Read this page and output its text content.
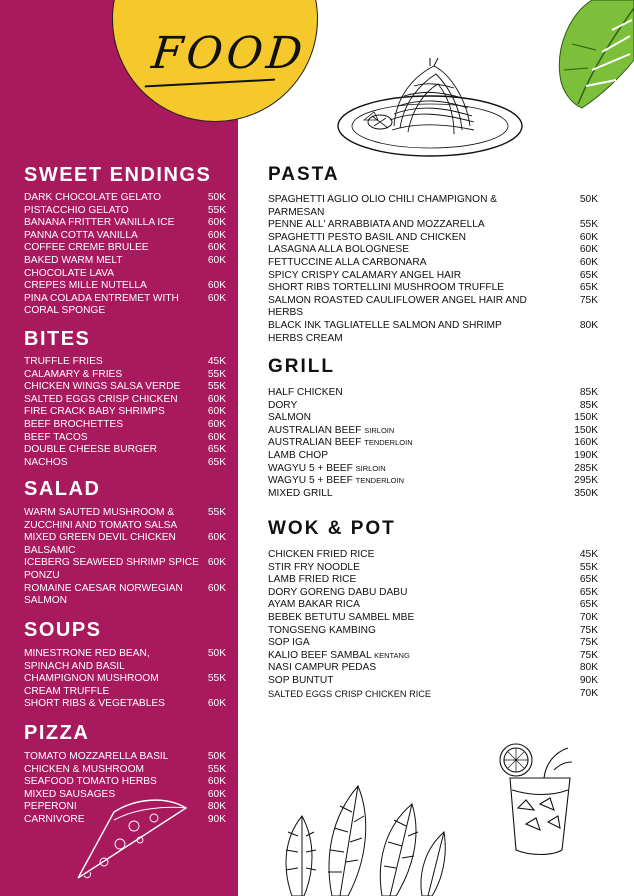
FOOD
SWEET ENDINGS
DARK CHOCOLATE GELATO	50K
PISTACCHIO GELATO	55K
BANANA FRITTER VANILLA ICE	60K
PANNA COTTA VANILLA	60K
COFFEE CREME BRULEE	60K
BAKED WARM MELT CHOCOLATE LAVA
60K
CREPES MILLE NUTELLA	60K
PINA COLADA ENTREMET WITH CORAL SPONGE
60K
BITES
TRUFFLE FRIES	45K
CALAMARY & FRIES	55K
CHICKEN WINGS SALSA VERDE	55K
SALTED EGGS CRISP CHICKEN	60K
FIRE CRACK BABY SHRIMPS	60K
BEEF BROCHETTES	60K
BEEF TACOS	60K
DOUBLE CHEESE BURGER	65K
NACHOS	65K
SALAD
WARM SAUTED MUSHROOM & ZUCCHINI AND TOMATO SALSA
55K
MIXED GREEN DEVIL CHICKEN BALSAMIC
60K
ICEBERG SEAWEED SHRIMP SPICE PONZU
60K
ROMAINE CAESAR NORWEGIAN SALMON
60K
SOUPS
MINESTRONE RED BEAN, SPINACH AND BASIL
50K
CHAMPIGNON MUSHROOM CREAM TRUFFLE
55K
SHORT RIBS & VEGETABLES	60K
PIZZA
TOMATO MOZZARELLA BASIL	50K
CHICKEN & MUSHROOM	55K
SEAFOOD TOMATO HERBS	60K
MIXED SAUSAGES	60K
PEPERONI	80K
CARNIVORE	90K
PASTA
SPAGHETTI AGLIO OLIO CHILI CHAMPIGNON & PARMESAN
50K
PENNE ALL' ARRABBIATA AND MOZZARELLA	55K
SPAGHETTI PESTO BASIL AND CHICKEN	60K
LASAGNA ALLA BOLOGNESE	60K
FETTUCCINE ALLA CARBONARA	60K
SPICY CRISPY CALAMARY ANGEL HAIR	65K
SHORT RIBS TORTELLINI MUSHROOM TRUFFLE	65K
SALMON ROASTED CAULIFLOWER ANGEL HAIR AND HERBS
75K
BLACK INK TAGLIATELLE SALMON AND SHRIMP HERBS CREAM
80K
GRILL
HALF CHICKEN	85K
DORY	85K
SALMON	150K
AUSTRALIAN BEEF SIRLOIN	150K
AUSTRALIAN BEEF TENDERLOIN	160K
LAMB CHOP	190K
WAGYU 5 + BEEF SIRLOIN	285K
WAGYU 5 + BEEF TENDERLOIN	295K
MIXED GRILL	350K
WOK & POT
CHICKEN FRIED RICE	45K
STIR FRY NOODLE	55K
LAMB FRIED RICE	65K
DORY GORENG DABU DABU	65K
AYAM BAKAR RICA	65K
BEBEK BETUTU SAMBEL MBE	70K
TONGSENG KAMBING	75K
SOP IGA	75K
KALIO BEEF SAMBAL KENTANG	75K
NASI CAMPUR PEDAS	80K
SOP BUNTUT	90K
SALTED EGGS CRISP CHICKEN RICE	70K
